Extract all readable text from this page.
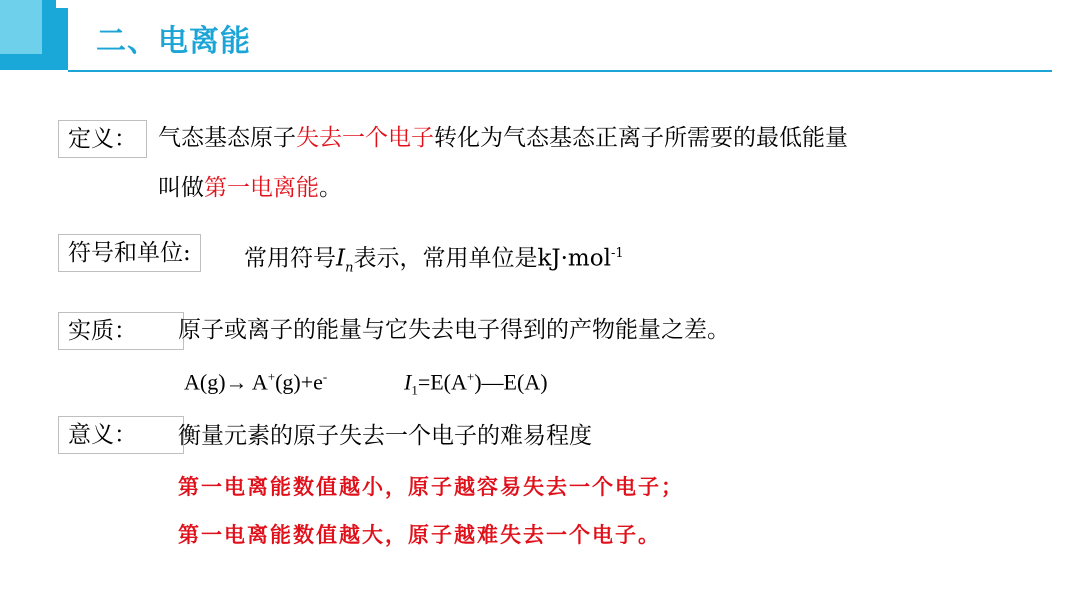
二、电离能
定义： 气态基态原子失去一个电子转化为气态基态正离子所需要的最低能量
叫做第一电离能。
符号和单位:	常用符号$I_n$表示，常用单位是kJ·mol$^{-1}$
实质：	原子或离子的能量与它失去电子得到的产物能量之差。
A(g)→ A+(g)+e-	$I_1=E(A^+)—E(A)$
意义：	衡量元素的原子失去一个电子的难易程度
第一电离能数值越小，原子越容易失去一个电子；
第一电离能数值越大，原子越难失去一个电子。
